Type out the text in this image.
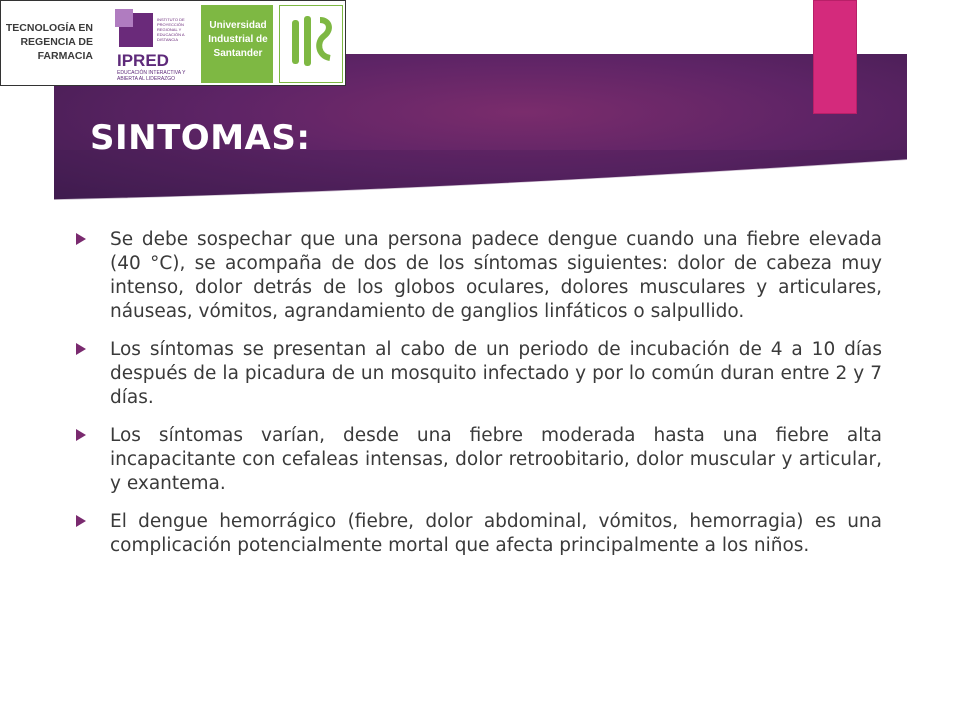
SINTOMAS:
TECNOLOGÍA EN REGENCIA DE FARMACIA
INSTITUTO DE PROYECCIÓN REGIONAL Y EDUCACIÓN A DISTANCIA
IPRED
EDUCACIÓN INTERACTIVA Y ABIERTA AL LIDERAZGO
Universidad Industrial de Santander
Se debe sospechar que una persona padece dengue cuando una fiebre elevada (40 °C), se acompaña de dos de los síntomas siguientes: dolor de cabeza muy intenso, dolor detrás de los globos oculares, dolores musculares y articulares, náuseas, vómitos, agrandamiento de ganglios linfáticos o salpullido.
Los síntomas se presentan al cabo de un periodo de incubación de 4 a 10 días después de la picadura de un mosquito infectado y por lo común duran entre 2 y 7 días.
Los síntomas varían, desde una fiebre moderada hasta una fiebre alta incapacitante con cefaleas intensas, dolor retroobitario, dolor muscular y articular, y exantema.
El dengue hemorrágico (fiebre, dolor abdominal, vómitos, hemorragia) es una complicación potencialmente mortal que afecta principalmente a los niños.
